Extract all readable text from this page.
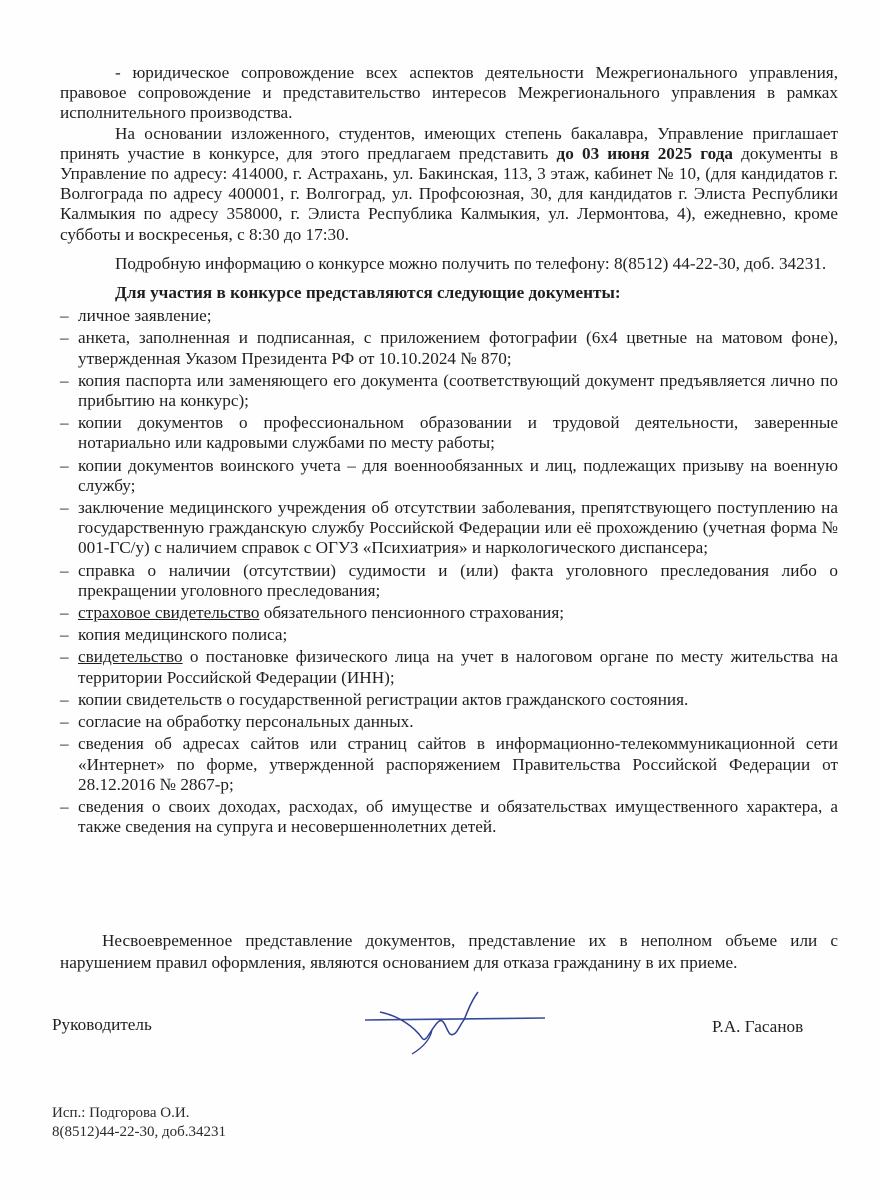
- юридическое сопровождение всех аспектов деятельности Межрегионального управления, правовое сопровождение и представительство интересов Межрегионального управления в рамках исполнительного производства.

На основании изложенного, студентов, имеющих степень бакалавра, Управление приглашает принять участие в конкурсе, для этого предлагаем представить до 03 июня 2025 года документы в Управление по адресу: 414000, г. Астрахань, ул. Бакинская, 113, 3 этаж, кабинет № 10, (для кандидатов г. Волгограда по адресу 400001, г. Волгоград, ул. Профсоюзная, 30, для кандидатов г. Элиста Республики Калмыкия по адресу 358000, г. Элиста Республика Калмыкия, ул. Лермонтова, 4), ежедневно, кроме субботы и воскресенья, с 8:30 до 17:30.

Подробную информацию о конкурсе можно получить по телефону: 8(8512) 44-22-30, доб. 34231.

Для участия в конкурсе представляются следующие документы:

– личное заявление;
– анкета, заполненная и подписанная, с приложением фотографии (6x4 цветные на матовом фоне), утвержденная Указом Президента РФ от 10.10.2024 № 870;
– копия паспорта или заменяющего его документа (соответствующий документ предъявляется лично по прибытию на конкурс);
– копии документов о профессиональном образовании и трудовой деятельности, заверенные нотариально или кадровыми службами по месту работы;
– копии документов воинского учета – для военнообязанных и лиц, подлежащих призыву на военную службу;
– заключение медицинского учреждения об отсутствии заболевания, препятствующего поступлению на государственную гражданскую службу Российской Федерации или её прохождению (учетная форма № 001-ГС/у) с наличием справок с ОГУЗ «Психиатрия» и наркологического диспансера;
– справка о наличии (отсутствии) судимости и (или) факта уголовного преследования либо о прекращении уголовного преследования;
– страховое свидетельство обязательного пенсионного страхования;
– копия медицинского полиса;
– свидетельство о постановке физического лица на учет в налоговом органе по месту жительства на территории Российской Федерации (ИНН);
– копии свидетельств о государственной регистрации актов гражданского состояния.
– согласие на обработку персональных данных.
– сведения об адресах сайтов или страниц сайтов в информационно-телекоммуникационной сети «Интернет» по форме, утвержденной распоряжением Правительства Российской Федерации от 28.12.2016 № 2867-р;
– сведения о своих доходах, расходах, об имуществе и обязательствах имущественного характера, а также сведения на супруга и несовершеннолетних детей.

Несвоевременное представление документов, представление их в неполном объеме или с нарушением правил оформления, являются основанием для отказа гражданину в их приеме.

Руководитель	Р.А. Гасанов
Исп.: Подгорова О.И.
8(8512)44-22-30, доб.34231
